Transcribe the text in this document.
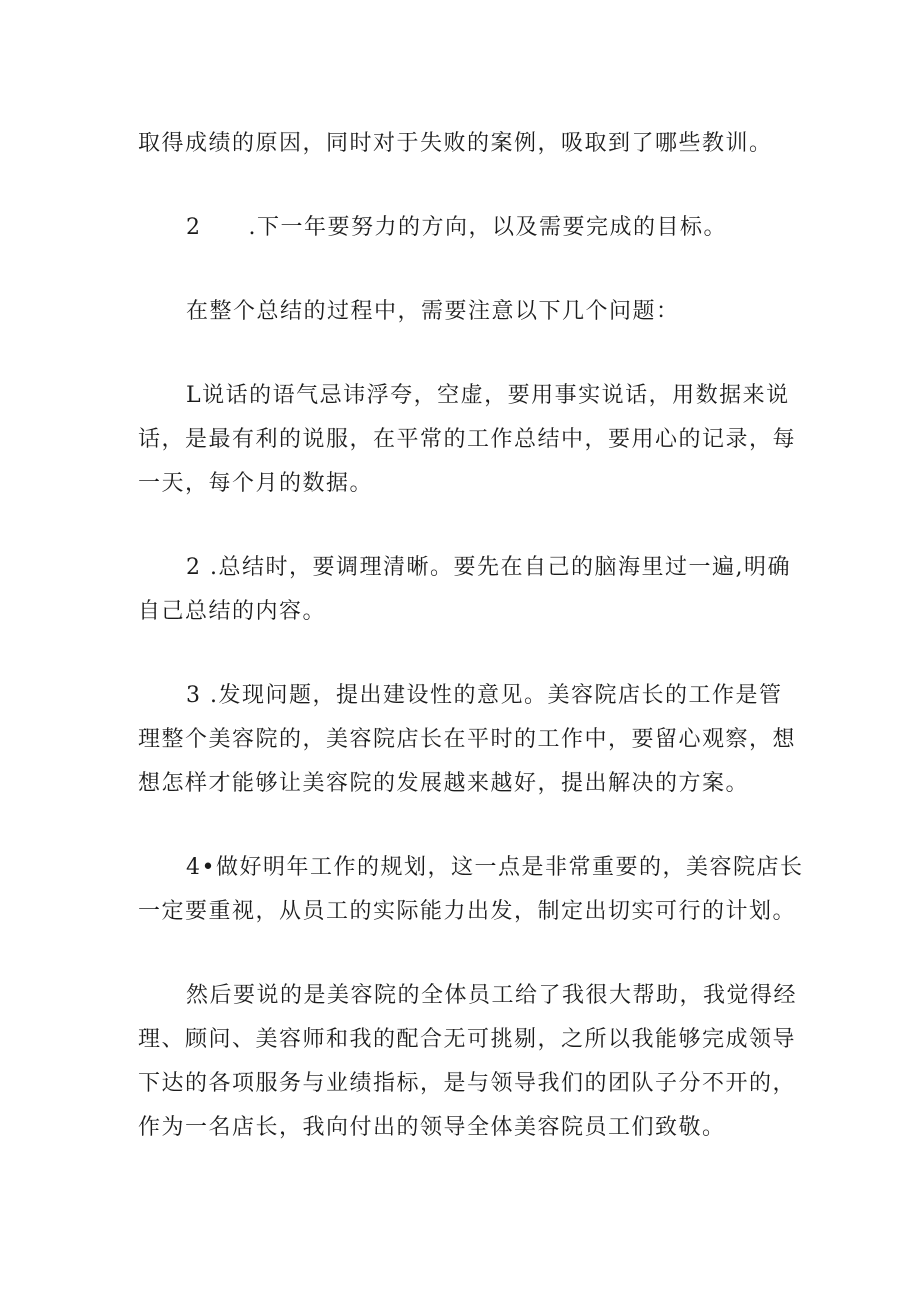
取得成绩的原因，同时对于失败的案例，吸取到了哪些教训。

2　　.下一年要努力的方向，以及需要完成的目标。

在整个总结的过程中，需要注意以下几个问题：

L说话的语气忌讳浮夸，空虚，要用事实说话，用数据来说
话，是最有利的说服，在平常的工作总结中，要用心的记录，每
一天，每个月的数据。

2 .总结时，要调理清晰。要先在自己的脑海里过一遍,明确
自己总结的内容。

3 .发现问题，提出建设性的意见。美容院店长的工作是管
理整个美容院的，美容院店长在平时的工作中，要留心观察，想
想怎样才能够让美容院的发展越来越好，提出解决的方案。

4•做好明年工作的规划，这一点是非常重要的，美容院店长
一定要重视，从员工的实际能力出发，制定出切实可行的计划。

然后要说的是美容院的全体员工给了我很大帮助，我觉得经
理、顾问、美容师和我的配合无可挑剔，之所以我能够完成领导
下达的各项服务与业绩指标，是与领导我们的团队子分不开的，
作为一名店长，我向付出的领导全体美容院员工们致敬。
